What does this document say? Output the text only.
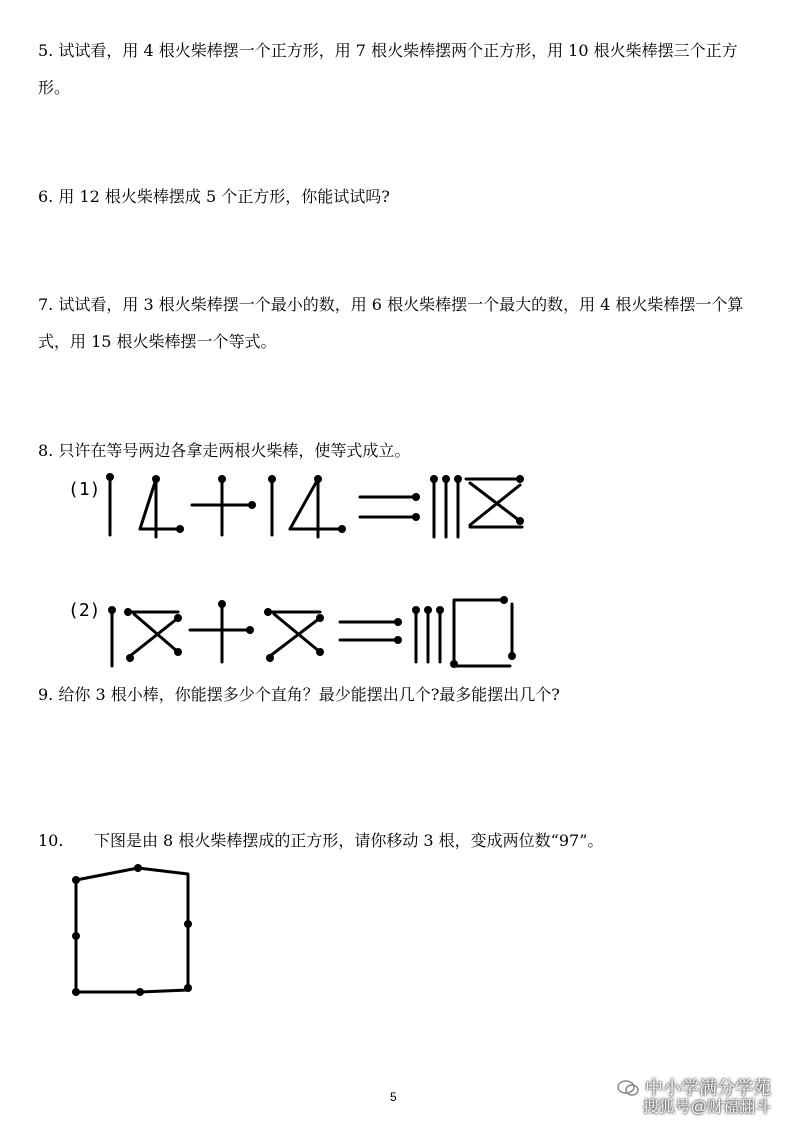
5. 试试看，用 4 根火柴棒摆一个正方形，用 7 根火柴棒摆两个正方形，用 10 根火柴棒摆三个正方形。

6. 用 12 根火柴棒摆成 5 个正方形，你能试试吗?

7. 试试看，用 3 根火柴棒摆一个最小的数，用 6 根火柴棒摆一个最大的数，用 4 根火柴棒摆一个算式，用 15 根火柴棒摆一个等式。

8. 只许在等号两边各拿走两根火柴棒，使等式成立。

(1)
(2)

9. 给你 3 根小棒，你能摆多少个直角？最少能摆出几个?最多能摆出几个?

10. 下图是由 8 根火柴棒摆成的正方形，请你移动 3 根，变成两位数“97”。

5	中小学满分学苑
搜狐号@财福翻斗
